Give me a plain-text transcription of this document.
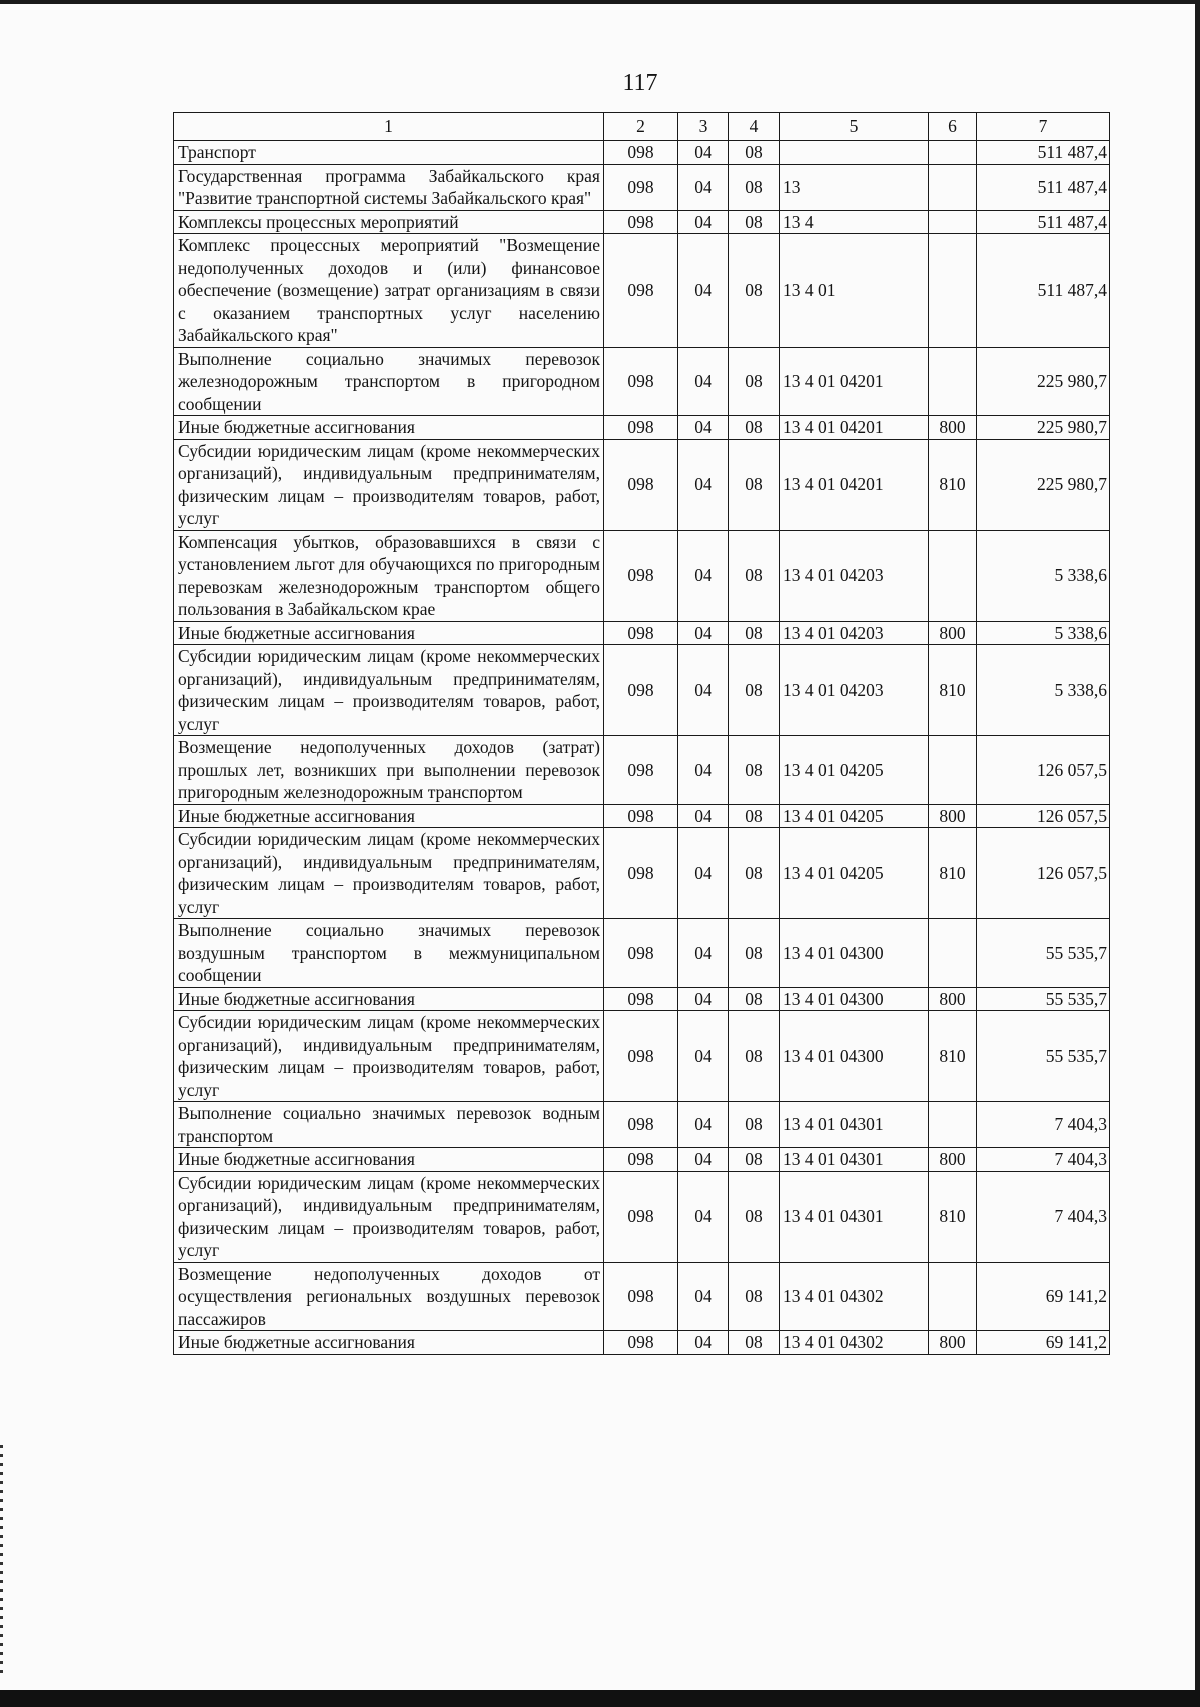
117
1	2	3	4	5	6	7
Транспорт	098	04	08			511 487,4
Государственная программа Забайкальского края "Развитие транспортной системы Забайкальского края"	098	04	08	13		511 487,4
Комплексы процессных мероприятий	098	04	08	13 4		511 487,4
Комплекс процессных мероприятий "Возмещение недополученных доходов и (или) финансовое обеспечение (возмещение) затрат организациям в связи с оказанием транспортных услуг населению Забайкальского края"	098	04	08	13 4 01		511 487,4
Выполнение социально значимых перевозок железнодорожным транспортом в пригородном сообщении	098	04	08	13 4 01 04201		225 980,7
Иные бюджетные ассигнования	098	04	08	13 4 01 04201	800	225 980,7
Субсидии юридическим лицам (кроме некоммерческих организаций), индивидуальным предпринимателям, физическим лицам – производителям товаров, работ, услуг	098	04	08	13 4 01 04201	810	225 980,7
Компенсация убытков, образовавшихся в связи с установлением льгот для обучающихся по пригородным перевозкам железнодорожным транспортом общего пользования в Забайкальском крае	098	04	08	13 4 01 04203		5 338,6
Иные бюджетные ассигнования	098	04	08	13 4 01 04203	800	5 338,6
Субсидии юридическим лицам (кроме некоммерческих организаций), индивидуальным предпринимателям, физическим лицам – производителям товаров, работ, услуг	098	04	08	13 4 01 04203	810	5 338,6
Возмещение недополученных доходов (затрат) прошлых лет, возникших при выполнении перевозок пригородным железнодорожным транспортом	098	04	08	13 4 01 04205		126 057,5
Иные бюджетные ассигнования	098	04	08	13 4 01 04205	800	126 057,5
Субсидии юридическим лицам (кроме некоммерческих организаций), индивидуальным предпринимателям, физическим лицам – производителям товаров, работ, услуг	098	04	08	13 4 01 04205	810	126 057,5
Выполнение социально значимых перевозок воздушным транспортом в межмуниципальном сообщении	098	04	08	13 4 01 04300		55 535,7
Иные бюджетные ассигнования	098	04	08	13 4 01 04300	800	55 535,7
Субсидии юридическим лицам (кроме некоммерческих организаций), индивидуальным предпринимателям, физическим лицам – производителям товаров, работ, услуг	098	04	08	13 4 01 04300	810	55 535,7
Выполнение социально значимых перевозок водным транспортом	098	04	08	13 4 01 04301		7 404,3
Иные бюджетные ассигнования	098	04	08	13 4 01 04301	800	7 404,3
Субсидии юридическим лицам (кроме некоммерческих организаций), индивидуальным предпринимателям, физическим лицам – производителям товаров, работ, услуг	098	04	08	13 4 01 04301	810	7 404,3
Возмещение недополученных доходов от осуществления региональных воздушных перевозок пассажиров	098	04	08	13 4 01 04302		69 141,2
Иные бюджетные ассигнования	098	04	08	13 4 01 04302	800	69 141,2
